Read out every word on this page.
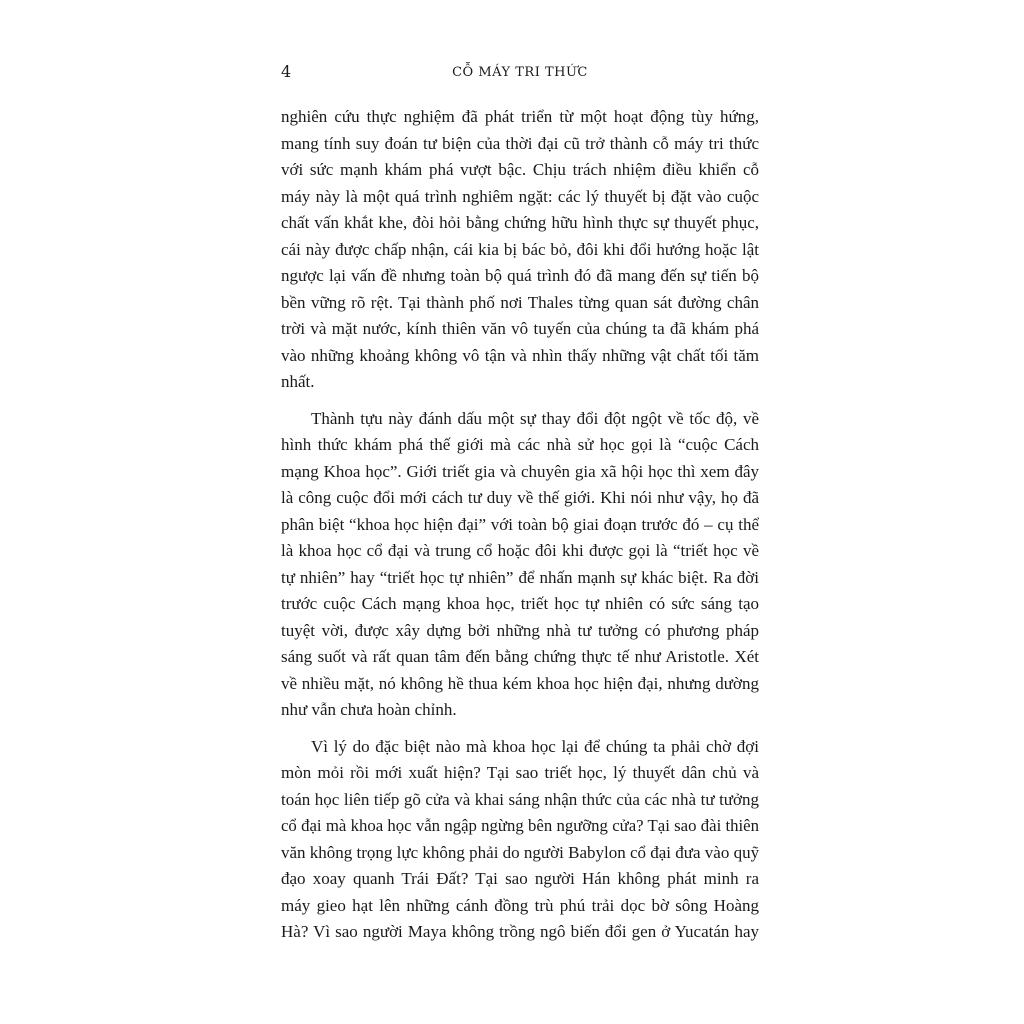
4	CỖ MÁY TRI THỨC

nghiên cứu thực nghiệm đã phát triển từ một hoạt động tùy hứng,
mang tính suy đoán tư biện của thời đại cũ trở thành cỗ máy tri thức
với sức mạnh khám phá vượt bậc. Chịu trách nhiệm điều khiển cỗ
máy này là một quá trình nghiêm ngặt: các lý thuyết bị đặt vào cuộc
chất vấn khắt khe, đòi hỏi bằng chứng hữu hình thực sự thuyết phục,
cái này được chấp nhận, cái kia bị bác bỏ, đôi khi đổi hướng hoặc lật
ngược lại vấn đề nhưng toàn bộ quá trình đó đã mang đến sự tiến bộ
bền vững rõ rệt. Tại thành phố nơi Thales từng quan sát đường chân
trời và mặt nước, kính thiên văn vô tuyến của chúng ta đã khám phá
vào những khoảng không vô tận và nhìn thấy những vật chất tối tăm
nhất.

Thành tựu này đánh dấu một sự thay đổi đột ngột về tốc độ, về
hình thức khám phá thế giới mà các nhà sử học gọi là “cuộc Cách
mạng Khoa học”. Giới triết gia và chuyên gia xã hội học thì xem đây
là công cuộc đổi mới cách tư duy về thế giới. Khi nói như vậy, họ đã
phân biệt “khoa học hiện đại” với toàn bộ giai đoạn trước đó – cụ thể
là khoa học cổ đại và trung cổ hoặc đôi khi được gọi là “triết học về
tự nhiên” hay “triết học tự nhiên” để nhấn mạnh sự khác biệt. Ra đời
trước cuộc Cách mạng khoa học, triết học tự nhiên có sức sáng tạo
tuyệt vời, được xây dựng bởi những nhà tư tưởng có phương pháp
sáng suốt và rất quan tâm đến bằng chứng thực tế như Aristotle. Xét
về nhiều mặt, nó không hề thua kém khoa học hiện đại, nhưng dường
như vẫn chưa hoàn chỉnh.

Vì lý do đặc biệt nào mà khoa học lại để chúng ta phải chờ đợi
mòn mỏi rồi mới xuất hiện? Tại sao triết học, lý thuyết dân chủ và
toán học liên tiếp gõ cửa và khai sáng nhận thức của các nhà tư tưởng
cổ đại mà khoa học vẫn ngập ngừng bên ngưỡng cửa? Tại sao đài thiên
văn không trọng lực không phải do người Babylon cổ đại đưa vào quỹ
đạo xoay quanh Trái Đất? Tại sao người Hán không phát minh ra
máy gieo hạt lên những cánh đồng trù phú trải dọc bờ sông Hoàng
Hà? Vì sao người Maya không trồng ngô biến đổi gen ở Yucatán hay
